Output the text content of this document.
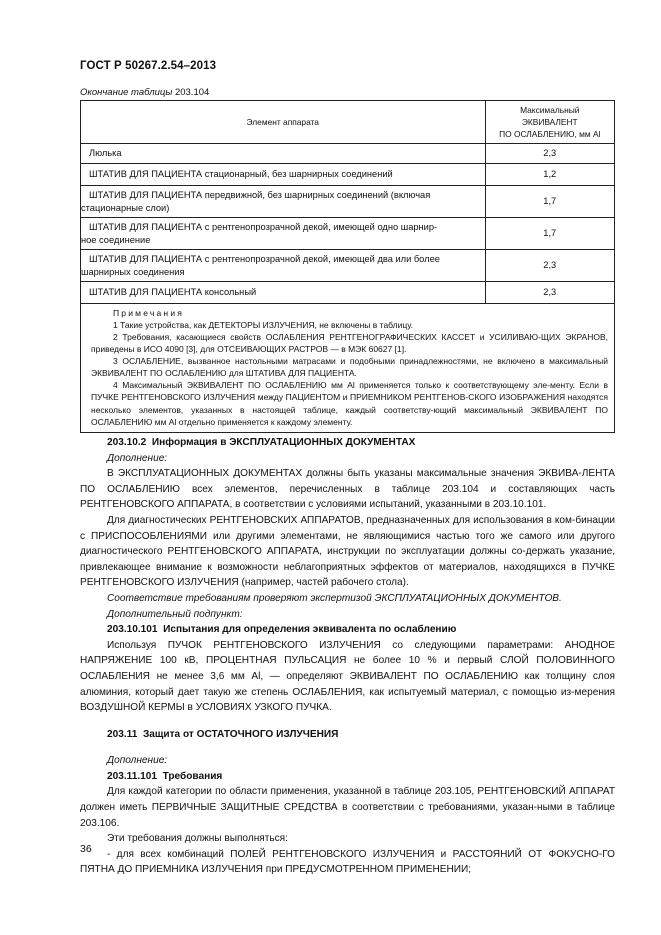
ГОСТ Р 50267.2.54–2013
Окончание таблицы 203.104
Элемент аппарата	Максимальный
ЭКВИВАЛЕНТ
ПО ОСЛАБЛЕНИЮ, мм Al
Люлька	2,3
ШТАТИВ ДЛЯ ПАЦИЕНТА стационарный, без шарнирных соединений	1,2
ШТАТИВ ДЛЯ ПАЦИЕНТА передвижной, без шарнирных соединений (включая
стационарные слои)	1,7
ШТАТИВ ДЛЯ ПАЦИЕНТА с рентгенопрозрачной декой, имеющей одно шарнир-
ное соединение	1,7
ШТАТИВ ДЛЯ ПАЦИЕНТА с рентгенопрозрачной декой, имеющей два или более
шарнирных соединения	2,3
ШТАТИВ ДЛЯ ПАЦИЕНТА консольный	2,3
Примечания
1 Такие устройства, как ДЕТЕКТОРЫ ИЗЛУЧЕНИЯ, не включены в таблицу.
2 Требования, касающиеся свойств ОСЛАБЛЕНИЯ РЕНТГЕНОГРАФИЧЕСКИХ КАССЕТ и УСИЛИВАЮ-ЩИХ ЭКРАНОВ, приведены в ИСО 4090 [3], для ОТСЕИВАЮЩИХ РАСТРОВ — в МЭК 60627 [1].
3 ОСЛАБЛЕНИЕ, вызванное настольными матрасами и подобными принадлежностями, не включено в максимальный ЭКВИВАЛЕНТ ПО ОСЛАБЛЕНИЮ для ШТАТИВА ДЛЯ ПАЦИЕНТА.
4 Максимальный ЭКВИВАЛЕНТ ПО ОСЛАБЛЕНИЮ мм Al применяется только к соответствующему эле-менту. Если в ПУЧКЕ РЕНТГЕНОВСКОГО ИЗЛУЧЕНИЯ между ПАЦИЕНТОМ и ПРИЕМНИКОМ РЕНТГЕНОВ-СКОГО ИЗОБРАЖЕНИЯ находятся несколько элементов, указанных в настоящей таблице, каждый соответству-ющий максимальный ЭКВИВАЛЕНТ ПО ОСЛАБЛЕНИЮ мм Al отдельно применяется к каждому элементу.	

203.10.2 Информация в ЭКСПЛУАТАЦИОННЫХ ДОКУМЕНТАХ

Дополнение:

В ЭКСПЛУАТАЦИОННЫХ ДОКУМЕНТАХ должны быть указаны максимальные значения ЭКВИВА-ЛЕНТА ПО ОСЛАБЛЕНИЮ всех элементов, перечисленных в таблице 203.104 и составляющих часть РЕНТГЕНОВСКОГО АППАРАТА, в соответствии с условиями испытаний, указанными в 203.10.101.

Для диагностических РЕНТГЕНОВСКИХ АППАРАТОВ, предназначенных для использования в ком-бинации с ПРИСПОСОБЛЕНИЯМИ или другими элементами, не являющимися частью того же самого или другого диагностического РЕНТГЕНОВСКОГО АППАРАТА, инструкции по эксплуатации должны со-держать указание, привлекающее внимание к возможности неблагоприятных эффектов от материалов, находящихся в ПУЧКЕ РЕНТГЕНОВСКОГО ИЗЛУЧЕНИЯ (например, частей рабочего стола).

Соответствие требованиям проверяют экспертизой ЭКСПЛУАТАЦИОННЫХ ДОКУМЕНТОВ.

Дополнительный подпункт:

203.10.101 Испытания для определения эквивалента по ослаблению

Используя ПУЧОК РЕНТГЕНОВСКОГО ИЗЛУЧЕНИЯ со следующими параметрами: АНОДНОЕ НАПРЯЖЕНИЕ 100 кВ, ПРОЦЕНТНАЯ ПУЛЬСАЦИЯ не более 10 % и первый СЛОЙ ПОЛОВИННОГО ОСЛАБЛЕНИЯ не менее 3,6 мм Al, — определяют ЭКВИВАЛЕНТ ПО ОСЛАБЛЕНИЮ как толщину слоя алюминия, который дает такую же степень ОСЛАБЛЕНИЯ, как испытуемый материал, с помощью из-мерения ВОЗДУШНОЙ КЕРМЫ в УСЛОВИЯХ УЗКОГО ПУЧКА.

203.11 Защита от ОСТАТОЧНОГО ИЗЛУЧЕНИЯ

Дополнение:

203.11.101 Требования

Для каждой категории по области применения, указанной в таблице 203.105, РЕНТГЕНОВСКИЙ АППАРАТ должен иметь ПЕРВИЧНЫЕ ЗАЩИТНЫЕ СРЕДСТВА в соответствии с требованиями, указан-ными в таблице 203.106.

Эти требования должны выполняться:

- для всех комбинаций ПОЛЕЙ РЕНТГЕНОВСКОГО ИЗЛУЧЕНИЯ и РАССТОЯНИЙ ОТ ФОКУСНО-ГО ПЯТНА ДО ПРИЕМНИКА ИЗЛУЧЕНИЯ при ПРЕДУСМОТРЕННОМ ПРИМЕНЕНИИ;

36
